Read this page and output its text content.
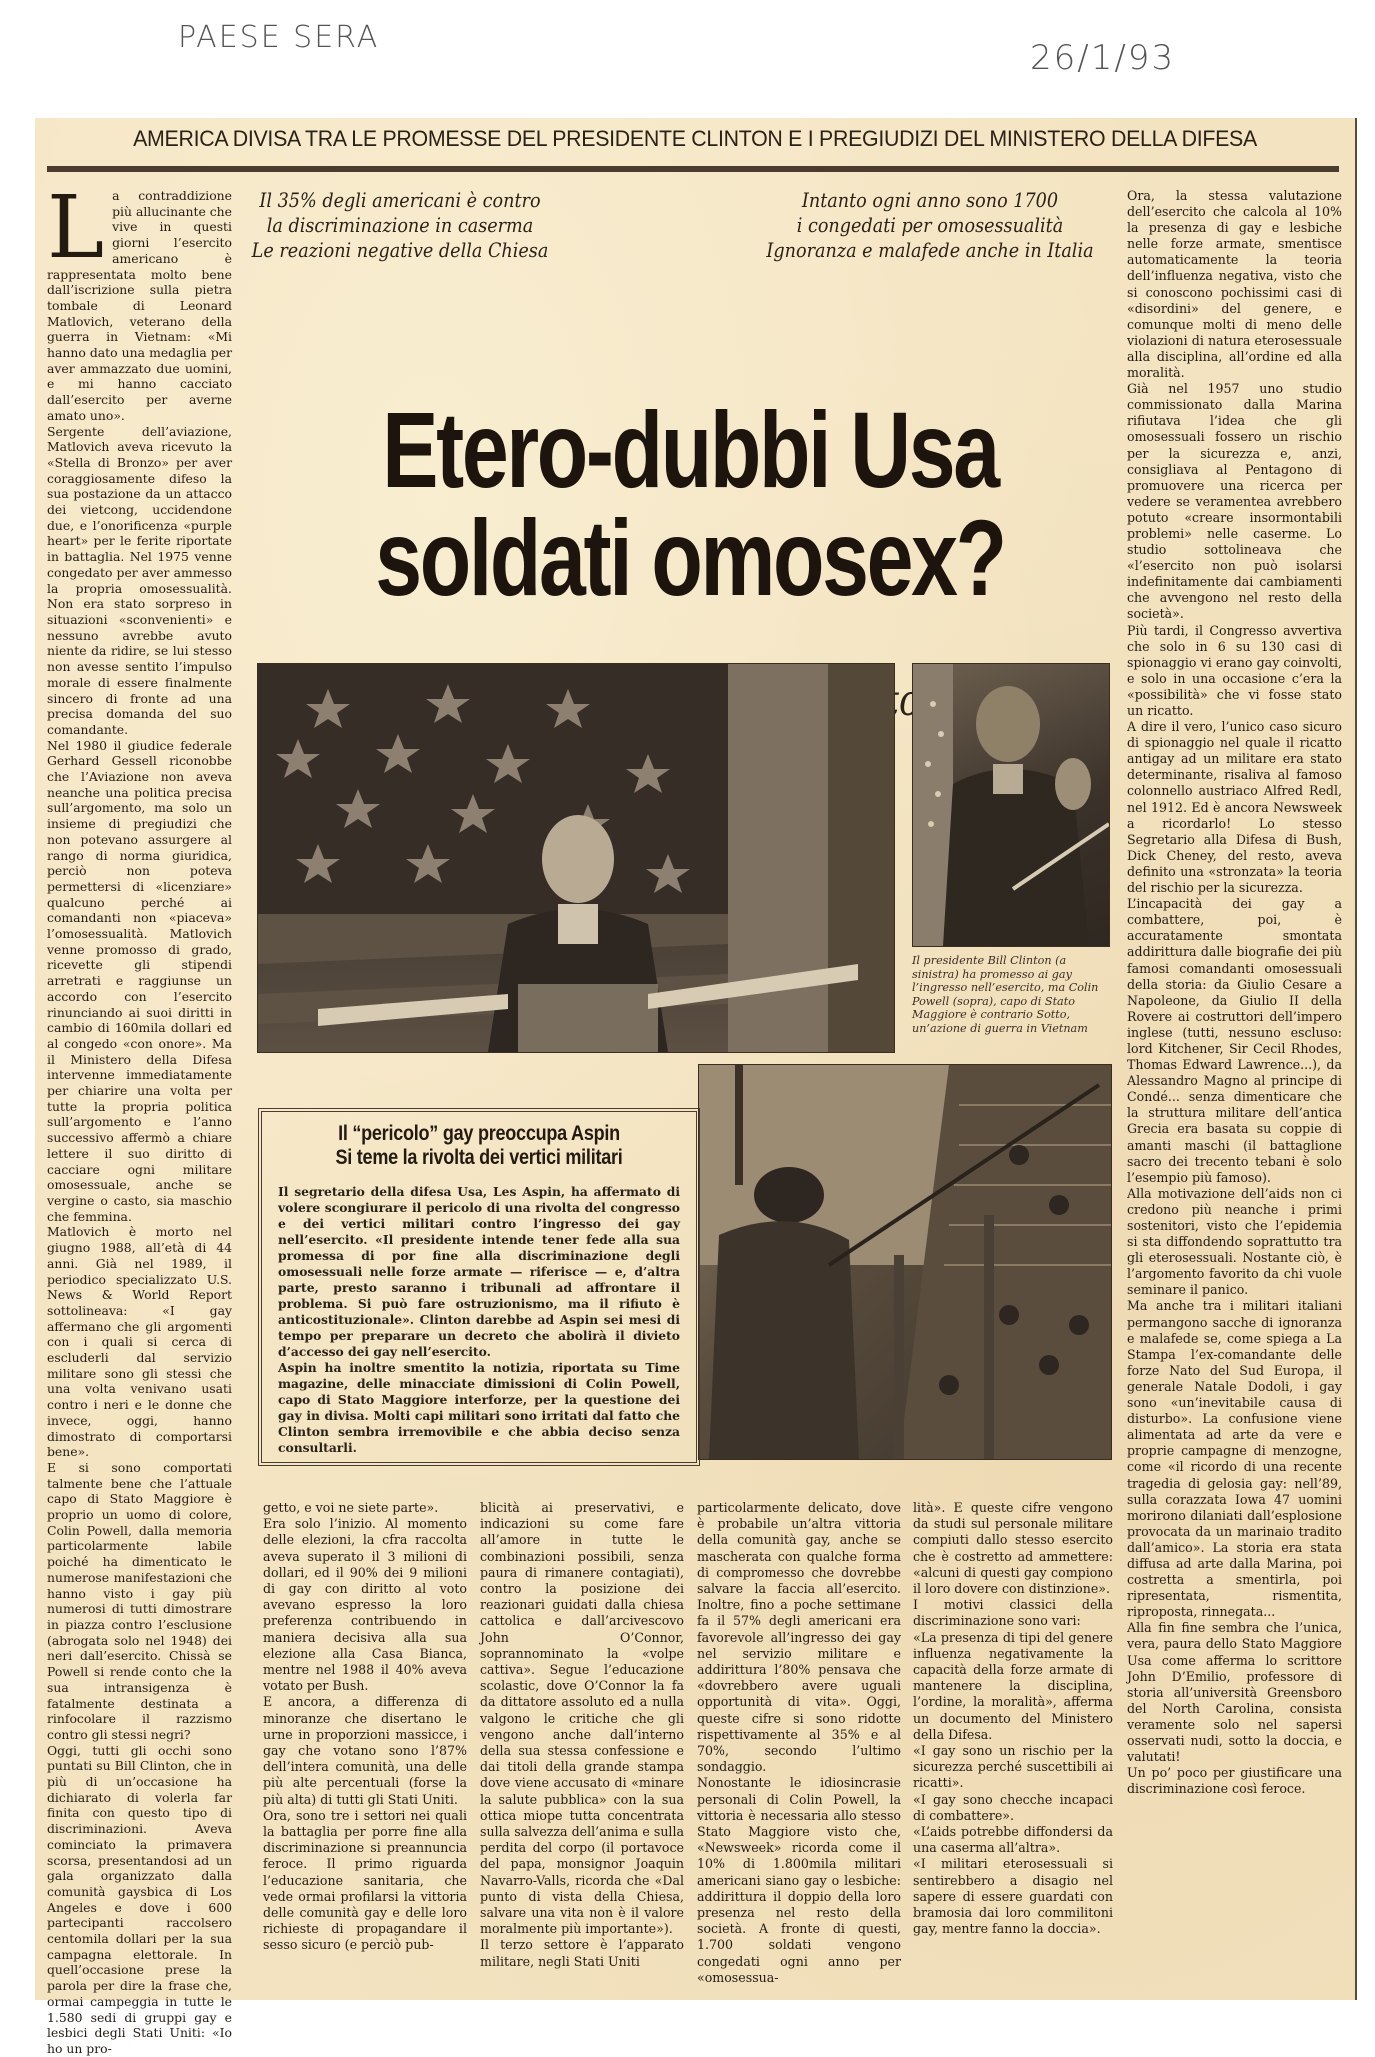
PAESE SERA
26/1/93
AMERICA DIVISA TRA LE PROMESSE DEL PRESIDENTE CLINTON E I PREGIUDIZI DEL MINISTERO DELLA DIFESA
L a contraddizione più allucinante che vive in questi giorni l’esercito americano è rappresentata molto bene dall’iscrizione sulla pietra tombale di Leonard Matlovich, veterano della guerra in Vietnam: «Mi hanno dato una medaglia per aver ammazzato due uomini, e mi hanno cacciato dall’esercito per averne amato uno».

Sergente dell’aviazione, Matlovich aveva ricevuto la «Stella di Bronzo» per aver coraggiosamente difeso la sua postazione da un attacco dei vietcong, uccidendone due, e l’onorificenza «purple heart» per le ferite riportate in battaglia. Nel 1975 venne congedato per aver ammesso la propria omosessualità. Non era stato sorpreso in situazioni «sconvenienti» e nessuno avrebbe avuto niente da ridire, se lui stesso non avesse sentito l’impulso morale di essere finalmente sincero di fronte ad una precisa domanda del suo comandante.

Nel 1980 il giudice federale Gerhard Gessell riconobbe che l’Aviazione non aveva neanche una politica precisa sull’argomento, ma solo un insieme di pregiudizi che non potevano assurgere al rango di norma giuridica, perciò non poteva permettersi di «licenziare» qualcuno perché ai comandanti non «piaceva» l’omosessualità. Matlovich venne promosso di grado, ricevette gli stipendi arretrati e raggiunse un accordo con l’esercito rinunciando ai suoi diritti in cambio di 160mila dollari ed al congedo «con onore». Ma il Ministero della Difesa intervenne immediatamente per chiarire una volta per tutte la propria politica sull’argomento e l’anno successivo affermò a chiare lettere il suo diritto di cacciare ogni militare omosessuale, anche se vergine o casto, sia maschio che femmina.

Matlovich è morto nel giugno 1988, all’età di 44 anni. Già nel 1989, il periodico specializzato U.S. News & World Report sottolineava: «I gay affermano che gli argomenti con i quali si cerca di escluderli dal servizio militare sono gli stessi che una volta venivano usati contro i neri e le donne che invece, oggi, hanno dimostrato di comportarsi bene».

E si sono comportati talmente bene che l’attuale capo di Stato Maggiore è proprio un uomo di colore, Colin Powell, dalla memoria particolarmente labile poiché ha dimenticato le numerose manifestazioni che hanno visto i gay più numerosi di tutti dimostrare in piazza contro l’esclusione (abrogata solo nel 1948) dei neri dall’esercito. Chissà se Powell si rende conto che la sua intransigenza è fatalmente destinata a rinfocolare il razzismo contro gli stessi negri?

Oggi, tutti gli occhi sono puntati su Bill Clinton, che in più di un’occasione ha dichiarato di volerla far finita con questo tipo di discriminazioni. Aveva cominciato la primavera scorsa, presentandosi ad un gala organizzato dalla comunità gaysbica di Los Angeles e dove i 600 partecipanti raccolsero centomila dollari per la sua campagna elettorale. In quell’occasione prese la parola per dire la frase che, ormai campeggia in tutte le 1.580 sedi di gruppi gay e lesbici degli Stati Uniti: «Io ho un pro-

Il 35% degli americani è contro
la discriminazione in caserma
Le reazioni negative della Chiesa
Intanto ogni anno sono 1700
i congedati per omosessualità
Ignoranza e malafede anche in Italia
Etero-dubbi Usa
soldati omosex?
Il presidente Bill Clinton (a sinistra) ha promesso ai gay l’ingresso nell’esercito, ma Colin Powell (sopra), capo di Stato Maggiore è contrario Sotto, un’azione di guerra in Vietnam
Il “pericolo” gay preoccupa Aspin
Si teme la rivolta dei vertici militari

Il segretario della difesa Usa, Les Aspin, ha affermato di volere scongiurare il pericolo di una rivolta del congresso e dei vertici militari contro l’ingresso dei gay nell’esercito. «Il presidente intende tener fede alla sua promessa di por fine alla discriminazione degli omosessuali nelle forze armate — riferisce — e, d’altra parte, presto saranno i tribunali ad affrontare il problema. Si può fare ostruzionismo, ma il rifiuto è anticostituzionale». Clinton darebbe ad Aspin sei mesi di tempo per preparare un decreto che abolirà il divieto d’accesso dei gay nell’esercito.

Aspin ha inoltre smentito la notizia, riportata su Time magazine, delle minacciate dimissioni di Colin Powell, capo di Stato Maggiore interforze, per la questione dei gay in divisa. Molti capi militari sono irritati dal fatto che Clinton sembra irremovibile e che abbia deciso senza consultarli.

getto, e voi ne siete parte».

Era solo l’inizio. Al momento delle elezioni, la cfra raccolta aveva superato il 3 milioni di dollari, ed il 90% dei 9 milioni di gay con diritto al voto avevano espresso la loro preferenza contribuendo in maniera decisiva alla sua elezione alla Casa Bianca, mentre nel 1988 il 40% aveva votato per Bush.

E ancora, a differenza di minoranze che disertano le urne in proporzioni massicce, i gay che votano sono l’87% dell’intera comunità, una delle più alte percentuali (forse la più alta) di tutti gli Stati Uniti.

Ora, sono tre i settori nei quali la battaglia per porre fine alla discriminazione si preannuncia feroce. Il primo riguarda l’educazione sanitaria, che vede ormai profilarsi la vittoria delle comunità gay e delle loro richieste di propagandare il sesso sicuro (e perciò pub-

blicità ai preservativi, e indicazioni su come fare all’amore in tutte le combinazioni possibili, senza paura di rimanere contagiati), contro la posizione dei reazionari guidati dalla chiesa cattolica e dall’arcivescovo John O’Connor, soprannominato la «volpe cattiva». Segue l’educazione scolastic, dove O’Connor la fa da dittatore assoluto ed a nulla valgono le critiche che gli vengono anche dall’interno della sua stessa confessione e dai titoli della grande stampa dove viene accusato di «minare la salute pubblica» con la sua ottica miope tutta concentrata sulla salvezza dell’anima e sulla perdita del corpo (il portavoce del papa, monsignor Joaquin Navarro-Valls, ricorda che «Dal punto di vista della Chiesa, salvare una vita non è il valore moralmente più importante»).

Il terzo settore è l’apparato militare, negli Stati Uniti

particolarmente delicato, dove è probabile un’altra vittoria della comunità gay, anche se mascherata con qualche forma di compromesso che dovrebbe salvare la faccia all’esercito. Inoltre, fino a poche settimane fa il 57% degli americani era favorevole all’ingresso dei gay nel servizio militare e addirittura l’80% pensava che «dovrebbero avere uguali opportunità di vita». Oggi, queste cifre si sono ridotte rispettivamente al 35% e al 70%, secondo l’ultimo sondaggio.

Nonostante le idiosincrasie personali di Colin Powell, la vittoria è necessaria allo stesso Stato Maggiore visto che, «Newsweek» ricorda come il 10% di 1.800mila militari americani siano gay o lesbiche: addirittura il doppio della loro presenza nel resto della società. A fronte di questi, 1.700 soldati vengono congedati ogni anno per «omosessua-

lità». E queste cifre vengono da studi sul personale militare compiuti dallo stesso esercito che è costretto ad ammettere: «alcuni di questi gay compiono il loro dovere con distinzione».

I motivi classici della discriminazione sono vari:

«La presenza di tipi del genere influenza negativamente la capacità della forze armate di mantenere la disciplina, l’ordine, la moralità», afferma un documento del Ministero della Difesa.

«I gay sono un rischio per la sicurezza perché suscettibili ai ricatti».

«I gay sono checche incapaci di combattere».

«L’aids potrebbe diffondersi da una caserma all’altra».

«I militari eterosessuali si sentirebbero a disagio nel sapere di essere guardati con bramosia dai loro commilitoni gay, mentre fanno la doccia».

Ora, la stessa valutazione dell’esercito che calcola al 10% la presenza di gay e lesbiche nelle forze armate, smentisce automaticamente la teoria dell’influenza negativa, visto che si conoscono pochissimi casi di «disordini» del genere, e comunque molti di meno delle violazioni di natura eterosessuale alla disciplina, all’ordine ed alla moralità.

Già nel 1957 uno studio commissionato dalla Marina rifiutava l’idea che gli omosessuali fossero un rischio per la sicurezza e, anzi, consigliava al Pentagono di promuovere una ricerca per vedere se veramentea avrebbero potuto «creare insormontabili problemi» nelle caserme. Lo studio sottolineava che «l’esercito non può isolarsi indefinitamente dai cambiamenti che avvengono nel resto della società».

Più tardi, il Congresso avvertiva che solo in 6 su 130 casi di spionaggio vi erano gay coinvolti, e solo in una occasione c’era la «possibilità» che vi fosse stato un ricatto.

A dire il vero, l’unico caso sicuro di spionaggio nel quale il ricatto antigay ad un militare era stato determinante, risaliva al famoso colonnello austriaco Alfred Redl, nel 1912. Ed è ancora Newsweek a ricordarlo! Lo stesso Segretario alla Difesa di Bush, Dick Cheney, del resto, aveva definito una «stronzata» la teoria del rischio per la sicurezza.

L’incapacità dei gay a combattere, poi, è accuratamente smontata addirittura dalle biografie dei più famosi comandanti omosessuali della storia: da Giulio Cesare a Napoleone, da Giulio II della Rovere ai costruttori dell’impero inglese (tutti, nessuno escluso: lord Kitchener, Sir Cecil Rhodes, Thomas Edward Lawrence...), da Alessandro Magno al principe di Condé... senza dimenticare che la struttura militare dell’antica Grecia era basata su coppie di amanti maschi (il battaglione sacro dei trecento tebani è solo l’esempio più famoso).

Alla motivazione dell’aids non ci credono più neanche i primi sostenitori, visto che l’epidemia si sta diffondendo soprattutto tra gli eterosessuali. Nostante ciò, è l’argomento favorito da chi vuole seminare il panico.

Ma anche tra i militari italiani permangono sacche di ignoranza e malafede se, come spiega a La Stampa l’ex-comandante delle forze Nato del Sud Europa, il generale Natale Dodoli, i gay sono «un’inevitabile causa di disturbo». La confusione viene alimentata ad arte da vere e proprie campagne di menzogne, come «il ricordo di una recente tragedia di gelosia gay: nell’89, sulla corazzata Iowa 47 uomini morirono dilaniati dall’esplosione provocata da un marinaio tradito dall’amico». La storia era stata diffusa ad arte dalla Marina, poi costretta a smentirla, poi ripresentata, rismentita, riproposta, rinnegata...

Alla fin fine sembra che l’unica, vera, paura dello Stato Maggiore Usa come afferma lo scrittore John D’Emilio, professore di storia all’università Greensboro del North Carolina, consista veramente solo nel sapersi osservati nudi, sotto la doccia, e valutati!

Un po’ poco per giustificare una discriminazione così feroce.
